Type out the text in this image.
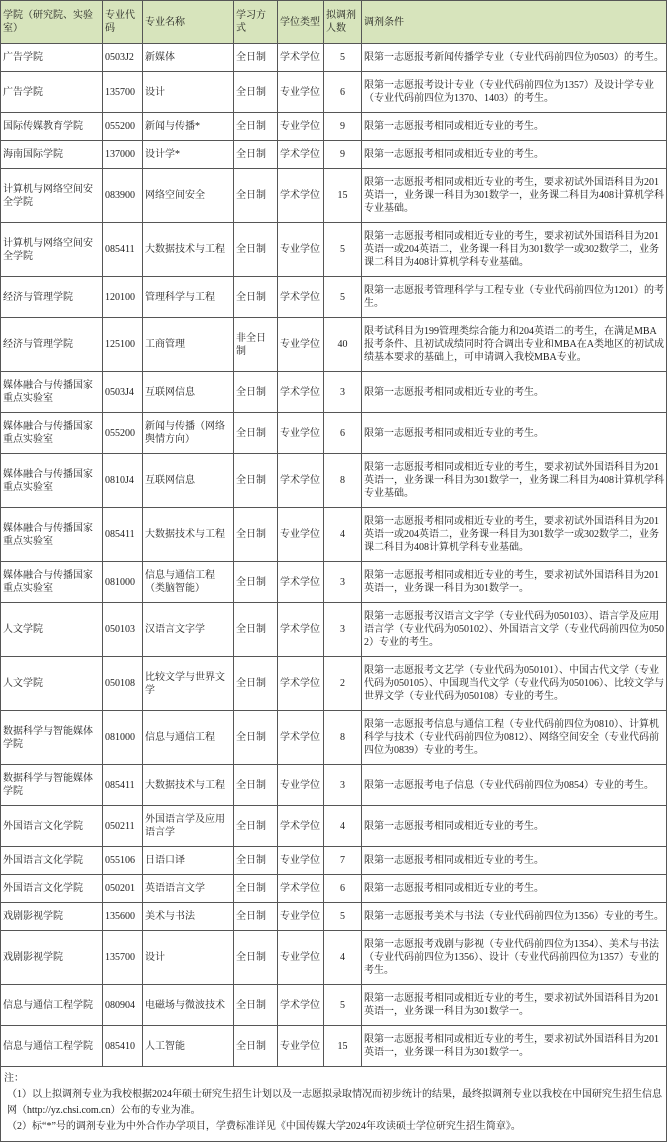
学院（研究院、实验室）	专业代码	专业名称	学习方式	学位类型	拟调剂人数	调剂条件
广告学院	0503J2	新媒体	全日制	学术学位	5	限第一志愿报考新闻传播学专业（专业代码前四位为0503）的考生。
广告学院	135700	设计	全日制	专业学位	6	限第一志愿报考设计专业（专业代码前四位为1357）及设计学专业（专业代码前四位为1370、1403）的考生。
国际传媒教育学院	055200	新闻与传播*	全日制	专业学位	9	限第一志愿报考相同或相近专业的考生。
海南国际学院	137000	设计学*	全日制	学术学位	9	限第一志愿报考相同或相近专业的考生。
计算机与网络空间安全学院	083900	网络空间安全	全日制	学术学位	15	限第一志愿报考相同或相近专业的考生，要求初试外国语科目为201英语一，业务课一科目为301数学一，业务课二科目为408计算机学科专业基础。
计算机与网络空间安全学院	085411	大数据技术与工程	全日制	专业学位	5	限第一志愿报考相同或相近专业的考生，要求初试外国语科目为201英语一或204英语二，业务课一科目为301数学一或302数学二，业务课二科目为408计算机学科专业基础。
经济与管理学院	120100	管理科学与工程	全日制	学术学位	5	限第一志愿报考管理科学与工程专业（专业代码前四位为1201）的考生。
经济与管理学院	125100	工商管理	非全日制	专业学位	40	限考试科目为199管理类综合能力和204英语二的考生，在满足MBA报考条件、且初试成绩同时符合调出专业和MBA在A类地区的初试成绩基本要求的基础上，可申请调入我校MBA专业。
媒体融合与传播国家重点实验室	0503J4	互联网信息	全日制	学术学位	3	限第一志愿报考相同或相近专业的考生。
媒体融合与传播国家重点实验室	055200	新闻与传播（网络舆情方向）	全日制	专业学位	6	限第一志愿报考相同或相近专业的考生。
媒体融合与传播国家重点实验室	0810J4	互联网信息	全日制	学术学位	8	限第一志愿报考相同或相近专业的考生，要求初试外国语科目为201英语一，业务课一科目为301数学一，业务课二科目为408计算机学科专业基础。
媒体融合与传播国家重点实验室	085411	大数据技术与工程	全日制	专业学位	4	限第一志愿报考相同或相近专业的考生，要求初试外国语科目为201英语一或204英语二，业务课一科目为301数学一或302数学二，业务课二科目为408计算机学科专业基础。
媒体融合与传播国家重点实验室	081000	信息与通信工程（类脑智能）	全日制	学术学位	3	限第一志愿报考相同或相近专业的考生，要求初试外国语科目为201英语一，业务课一科目为301数学一。
人文学院	050103	汉语言文字学	全日制	学术学位	3	限第一志愿报考汉语言文字学（专业代码为050103）、语言学及应用语言学（专业代码为050102）、外国语言文学（专业代码前四位为0502）专业的考生。
人文学院	050108	比较文学与世界文学	全日制	学术学位	2	限第一志愿报考文艺学（专业代码为050101）、中国古代文学（专业代码为050105）、中国现当代文学（专业代码为050106）、比较文学与世界文学（专业代码为050108）专业的考生。
数据科学与智能媒体学院	081000	信息与通信工程	全日制	学术学位	8	限第一志愿报考信息与通信工程（专业代码前四位为0810）、计算机科学与技术（专业代码前四位为0812）、网络空间安全（专业代码前四位为0839）专业的考生。
数据科学与智能媒体学院	085411	大数据技术与工程	全日制	专业学位	3	限第一志愿报考电子信息（专业代码前四位为0854）专业的考生。
外国语言文化学院	050211	外国语言学及应用语言学	全日制	学术学位	4	限第一志愿报考相同或相近专业的考生。
外国语言文化学院	055106	日语口译	全日制	专业学位	7	限第一志愿报考相同或相近专业的考生。
外国语言文化学院	050201	英语语言文学	全日制	学术学位	6	限第一志愿报考相同或相近专业的考生。
戏剧影视学院	135600	美术与书法	全日制	专业学位	5	限第一志愿报考美术与书法（专业代码前四位为1356）专业的考生。
戏剧影视学院	135700	设计	全日制	专业学位	4	限第一志愿报考戏剧与影视（专业代码前四位为1354）、美术与书法（专业代码前四位为1356）、设计（专业代码前四位为1357）专业的考生。
信息与通信工程学院	080904	电磁场与微波技术	全日制	学术学位	5	限第一志愿报考相同或相近专业的考生，要求初试外国语科目为201英语一，业务课一科目为301数学一。
信息与通信工程学院	085410	人工智能	全日制	专业学位	15	限第一志愿报考相同或相近专业的考生，要求初试外国语科目为201英语一，业务课一科目为301数学一。

注：
（1）以上拟调剂专业为我校根据2024年硕士研究生招生计划以及一志愿拟录取情况而初步统计的结果，最终拟调剂专业以我校在中国研究生招生信息网（http://yz.chsi.com.cn）公布的专业为准。
（2）标“*”号的调剂专业为中外合作办学项目，学费标准详见《中国传媒大学2024年攻读硕士学位研究生招生简章》。						
